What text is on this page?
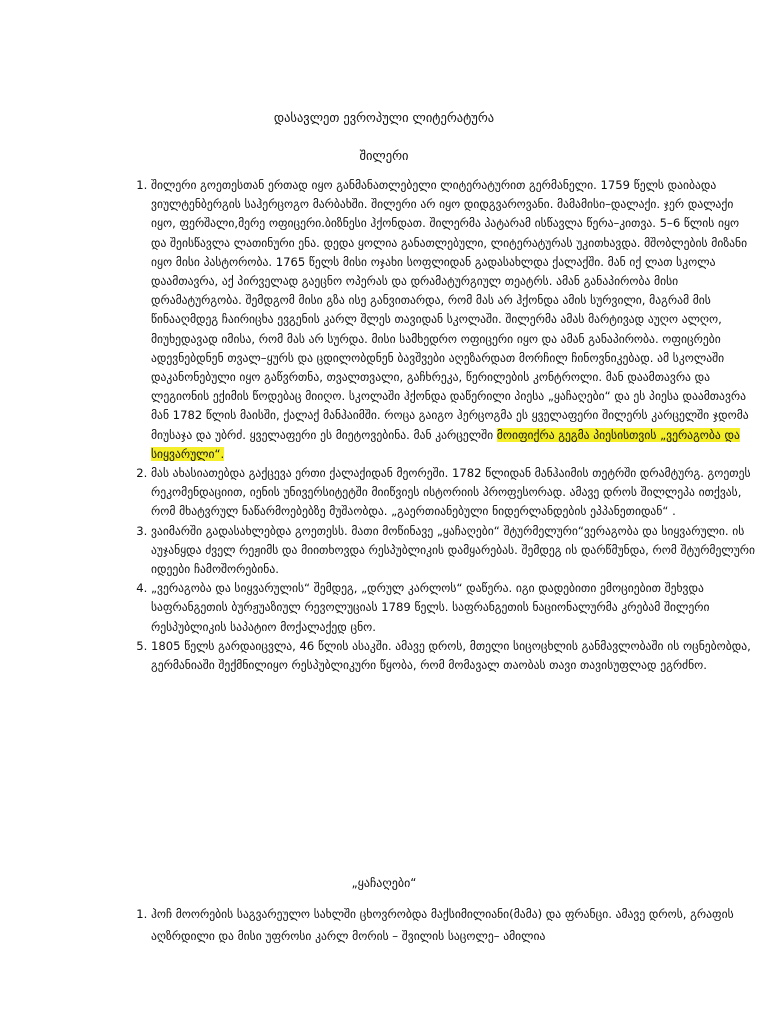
დასავლეთ ევროპული ლიტერატურა
შილერი
1. შილერი გოეთესთან ერთად იყო განმანათლებელი ლიტერატურით გერმანელი. 1759 წელს დაიბადა ვიულტენბერგის საჰერცოგო მარბახში. შილერი არ იყო დიდგვაროვანი. მამამისი–დალაქი. ჯერ დალაქი იყო, ფერშალი,მერე ოფიცერი.ბიზნესი ჰქონდათ. შილერმა პატარამ ისწავლა წერა–კითვა. 5–6 წლის იყო და შეისწავლა ლათინური ენა. დედა ყოლია განათლებული, ლიტერატურას უკითხავდა. მშობლების მიზანი იყო მისი პასტორობა. 1765 წელს მისი ოჯახი სოფლიდან გადასახლდა ქალაქში. მან იქ ლათ სკოლა დაამთავრა, აქ პირველად გაეცნო ოპერას და დრამატურგიულ თეატრს. ამან განაპირობა მისი დრამატურგობა. შემდგომ მისი გზა ისე განვითარდა, რომ მას არ ჰქონდა ამის სურვილი, მაგრამ მის წინააღმდეგ ჩაირიცხა ევგენის კარლ შლეს თავიდან სკოლაში. შილერმა ამას მარტივად აუღო ალღო, მიუხედავად იმისა, რომ მას არ სურდა. მისი სამხედრო ოფიცერი იყო და ამან განაპირობა. ოფიცრები ადევნებდნენ თვალ–ყურს და ცდილობდნენ ბავშვები აღეზარდათ მორჩილ ჩინოვნიკებად. ამ სკოლაში დაკანონებული იყო გაწვრთნა, თვალთვალი, გაჩხრეკა, წერილების კონტროლი. მან დაამთავრა და ლეგიონის ექიმის წოდებაც მიიღო. სკოლაში ჰქონდა დაწერილი პიესა „ყაჩაღები“ და ეს პიესა დაამთავრა მან 1782 წლის მაისში, ქალაქ მანჰაიმში. როცა გაიგო ჰერცოგმა ეს ყველაფერი შილერს კარცელში ჯდომა მიუსაჯა და უბრძ. ყველაფერი ეს მიეტოვებინა. მან კარცელში მოიფიქრა გეგმა პიესისთვის „ვერაგობა და სიყვარული“.
2. მას ახასიათებდა გაქცევა ერთი ქალაქიდან მეორეში. 1782 წლიდან მანჰაიმის თეტრში დრამტურგ. გოეთეს რეკომენდაციით, იენის უნივერსიტეტში მიიწვიეს ისტორიის პროფესორად. ამავე დროს შილლეპა ითქვას, რომ მხატვრულ ნაწარმოებებზე მუშაობდა. „გაერთიანებული ნიდერლანდების ეპპანეთიდან“ .
3. ვაიმარში გადასახლებდა გოეთესს. მათი მოწინავე „ყაჩაღები“ შტურმელური“ვერაგობა და სიყვარული. ის აუჯანყდა ძველ რეჟიმს და მიითხოვდა რესპუბლიკის დამყარებას. შემდეგ ის დარწმუნდა, რომ შტურმელური იდეები ჩამოშორებინა.
4. „ვერაგობა და სიყვარულის“ შემდეგ, „დრულ კარლოს“ დაწერა. იგი დადებითი ემოციებით შეხვდა საფრანგეთის ბურჟუაზიულ რევოლუციას 1789 წელს. საფრანგეთის ნაციონალურმა კრებამ შილერი რესპუბლიკის საპატიო მოქალაქედ ცნო.
5. 1805 წელს გარდაიცვლა, 46 წლის ასაკში. ამავე დროს, მთელი სიცოცხლის განმავლობაში ის ოცნებობდა, გერმანიაში შექმნილიყო რესპუბლიკური წყობა, რომ მომავალ თაობას თავი თავისუფლად ეგრძნო.
„ყაჩაღები“
1. ჰოჩ მოორების საგვარეულო სახლში ცხოვრობდა მაქსიმილიანი(მამა) და ფრანცი. ამავე დროს, გრაფის აღზრდილი და მისი უფროსი კარლ მორის – შვილის საცოლე– ამილია
